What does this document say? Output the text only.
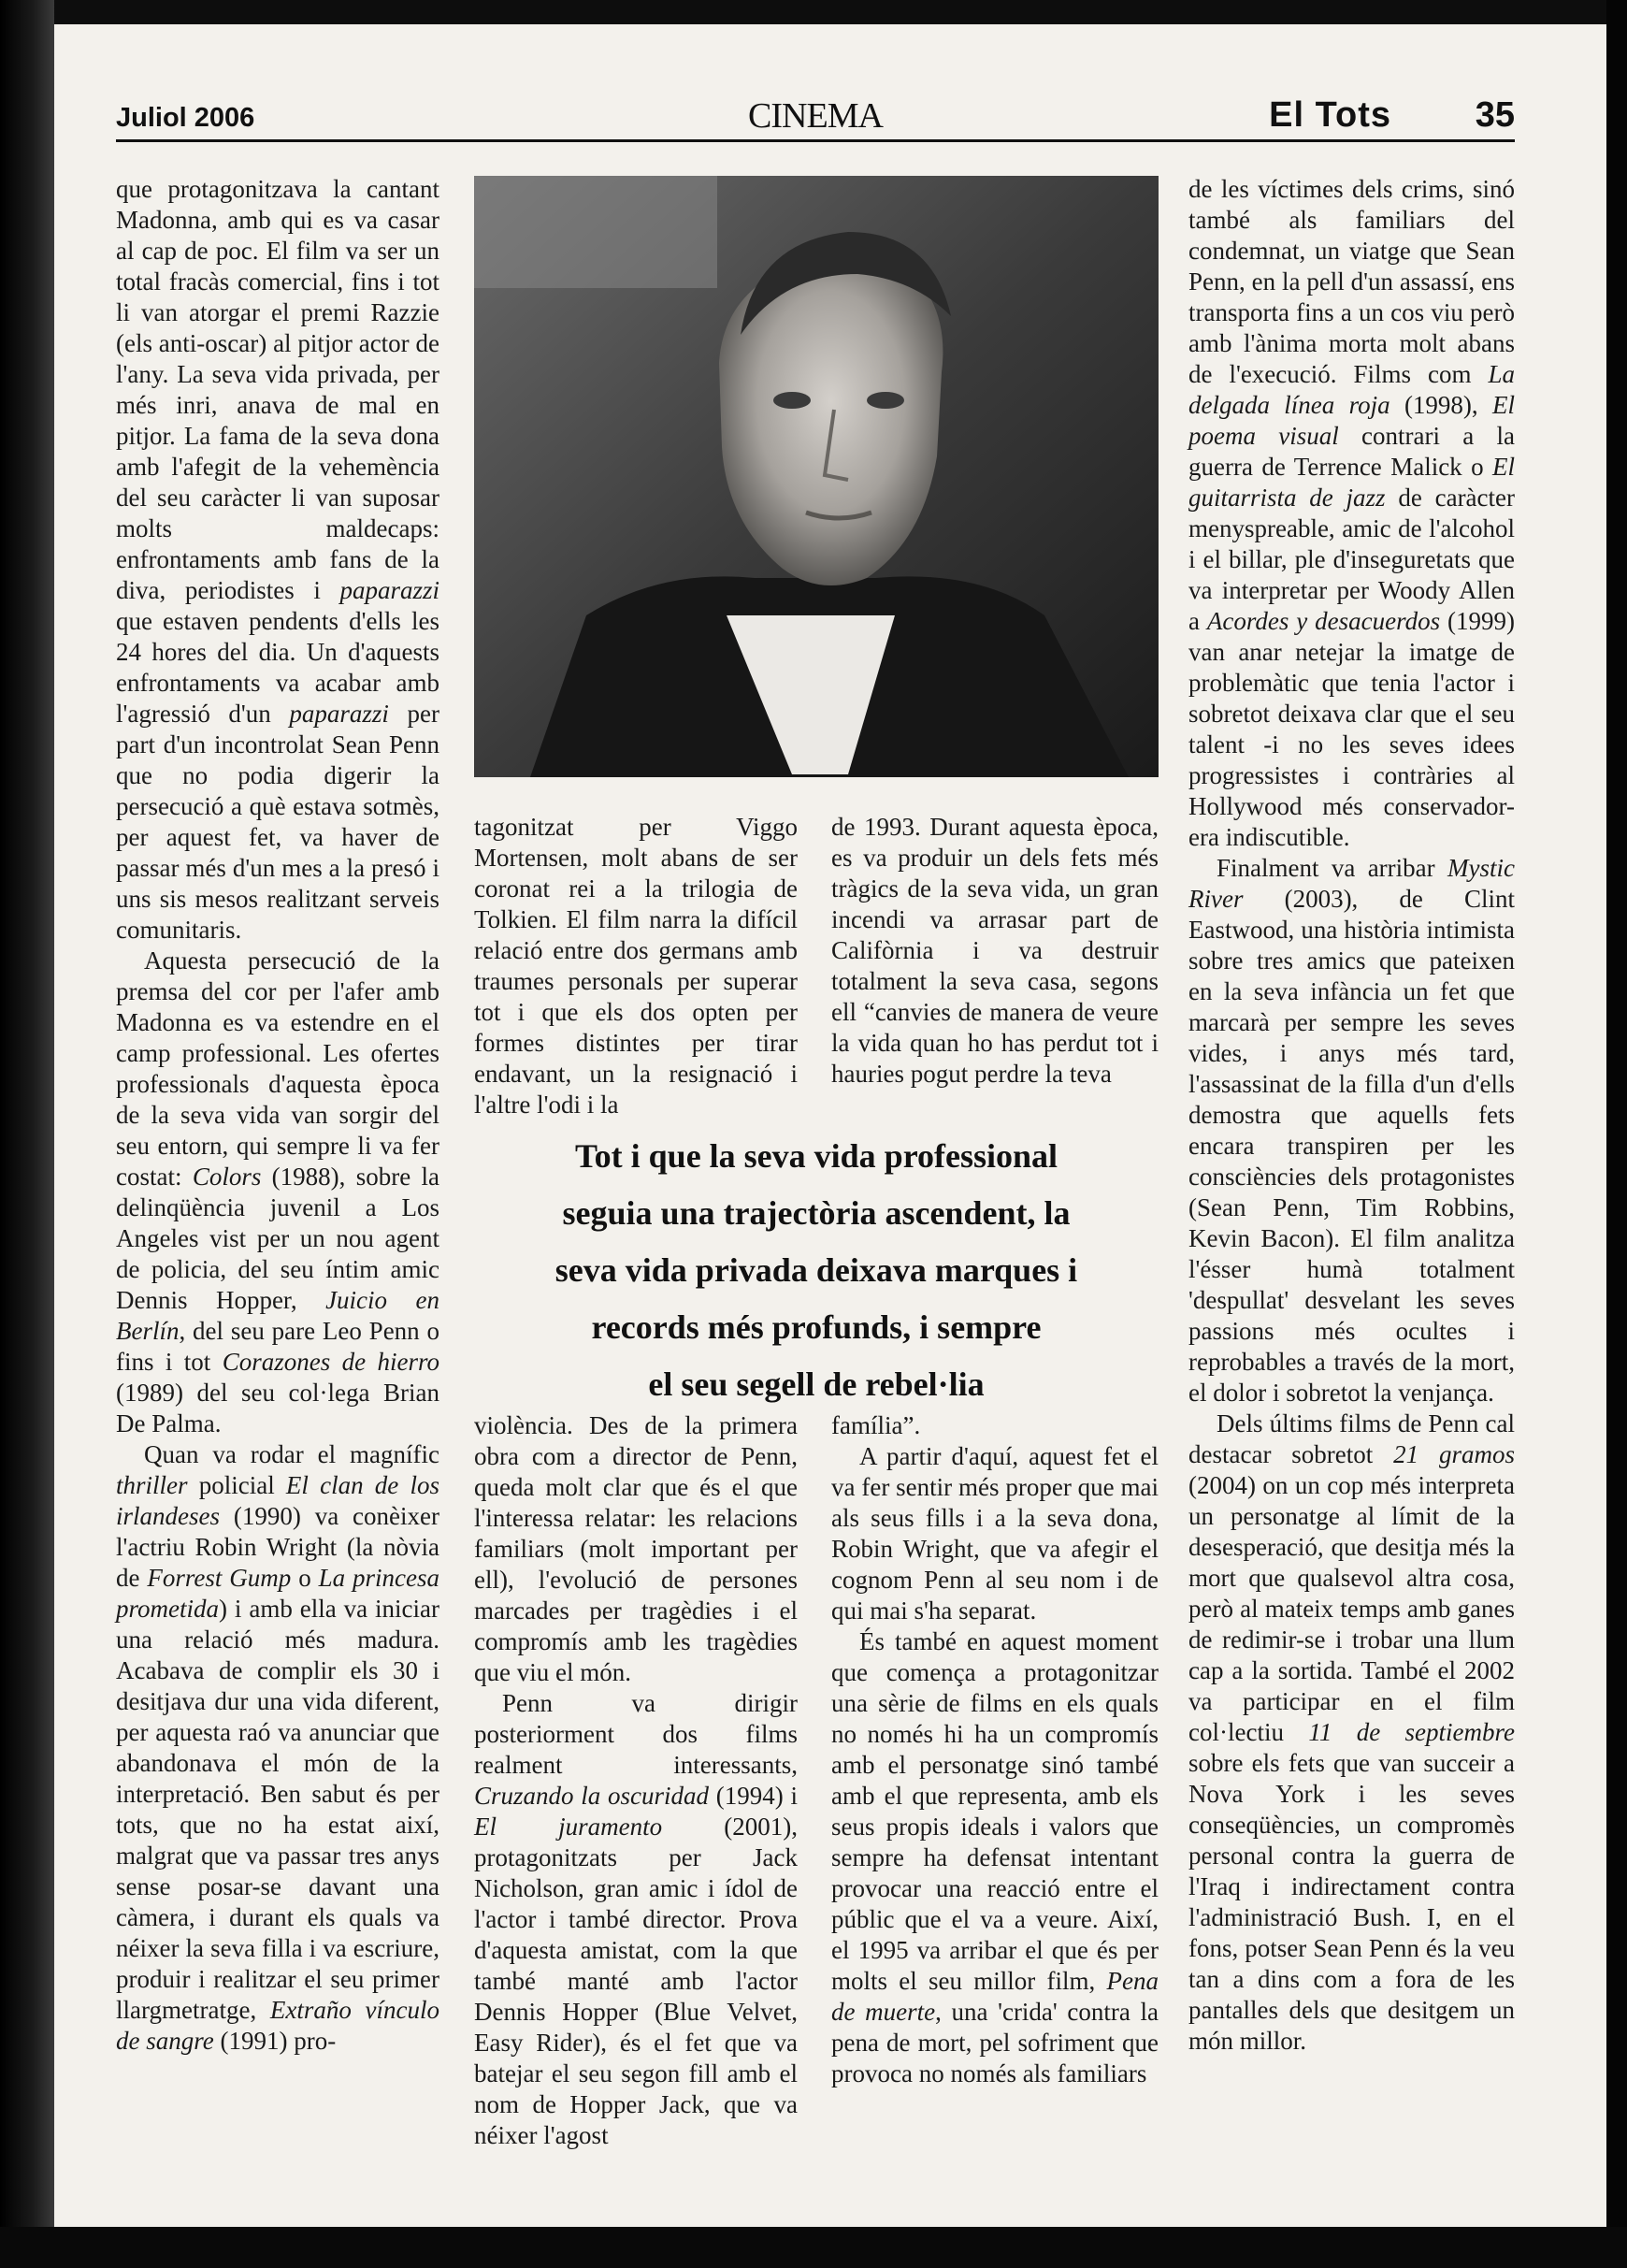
Juliol 2006	CINEMA	El Tots 35

que protagonitzava la cantant Madonna, amb qui es va casar al cap de poc. El film va ser un total fracàs comercial, fins i tot li van atorgar el premi Razzie (els anti-oscar) al pitjor actor de l'any. La seva vida privada, per més inri, anava de mal en pitjor. La fama de la seva dona amb l'afegit de la vehemència del seu caràcter li van suposar molts maldecaps: enfrontaments amb fans de la diva, periodistes i paparazzi que estaven pendents d'ells les 24 hores del dia. Un d'aquests enfrontaments va acabar amb l'agressió d'un paparazzi per part d'un incontrolat Sean Penn que no podia digerir la persecució a què estava sotmès, per aquest fet, va haver de passar més d'un mes a la presó i uns sis mesos realitzant serveis comunitaris.

Aquesta persecució de la premsa del cor per l'afer amb Madonna es va estendre en el camp professional. Les ofertes professionals d'aquesta època de la seva vida van sorgir del seu entorn, qui sempre li va fer costat: Colors (1988), sobre la delinqüència juvenil a Los Angeles vist per un nou agent de policia, del seu íntim amic Dennis Hopper, Juicio en Berlín, del seu pare Leo Penn o fins i tot Corazones de hierro (1989) del seu col·lega Brian De Palma.

Quan va rodar el magnífic thriller policial El clan de los irlandeses (1990) va conèixer l'actriu Robin Wright (la nòvia de Forrest Gump o La princesa prometida) i amb ella va iniciar una relació més madura. Acabava de complir els 30 i desitjava dur una vida diferent, per aquesta raó va anunciar que abandonava el món de la interpretació. Ben sabut és per tots, que no ha estat així, malgrat que va passar tres anys sense posar-se davant una càmera, i durant els quals va néixer la seva filla i va escriure, produir i realitzar el seu primer llargmetratge, Extraño vínculo de sangre (1991) pro-

tagonitzat per Viggo Mortensen, molt abans de ser coronat rei a la trilogia de Tolkien. El film narra la difícil relació entre dos germans amb traumes personals per superar tot i que els dos opten per formes distintes per tirar endavant, un la resignació i l'altre l'odi i la

de 1993. Durant aquesta època, es va produir un dels fets més tràgics de la seva vida, un gran incendi va arrasar part de Califòrnia i va destruir totalment la seva casa, segons ell “canvies de manera de veure la vida quan ho has perdut tot i hauries pogut perdre la teva

Tot i que la seva vida professional
seguia una trajectòria ascendent, la
seva vida privada deixava marques i
records més profunds, i sempre
el seu segell de rebel·lia

violència. Des de la primera obra com a director de Penn, queda molt clar que és el que l'interessa relatar: les relacions familiars (molt important per ell), l'evolució de persones marcades per tragèdies i el compromís amb les tragèdies que viu el món.

Penn va dirigir posteriorment dos films realment interessants, Cruzando la oscuridad (1994) i El juramento (2001), protagonitzats per Jack Nicholson, gran amic i ídol de l'actor i també director. Prova d'aquesta amistat, com la que també manté amb l'actor Dennis Hopper (Blue Velvet, Easy Rider), és el fet que va batejar el seu segon fill amb el nom de Hopper Jack, que va néixer l'agost

família”.

A partir d'aquí, aquest fet el va fer sentir més proper que mai als seus fills i a la seva dona, Robin Wright, que va afegir el cognom Penn al seu nom i de qui mai s'ha separat.

És també en aquest moment que comença a protagonitzar una sèrie de films en els quals no només hi ha un compromís amb el personatge sinó també amb el que representa, amb els seus propis ideals i valors que sempre ha defensat intentant provocar una reacció entre el públic que el va a veure. Així, el 1995 va arribar el que és per molts el seu millor film, Pena de muerte, una 'crida' contra la pena de mort, pel sofriment que provoca no només als familiars

de les víctimes dels crims, sinó també als familiars del condemnat, un viatge que Sean Penn, en la pell d'un assassí, ens transporta fins a un cos viu però amb l'ànima morta molt abans de l'execució. Films com La delgada línea roja (1998), El poema visual contrari a la guerra de Terrence Malick o El guitarrista de jazz de caràcter menyspreable, amic de l'alcohol i el billar, ple d'inseguretats que va interpretar per Woody Allen a Acordes y desacuerdos (1999) van anar netejar la imatge de problemàtic que tenia l'actor i sobretot deixava clar que el seu talent -i no les seves idees progressistes i contràries al Hollywood més conservador- era indiscutible.

Finalment va arribar Mystic River (2003), de Clint Eastwood, una història intimista sobre tres amics que pateixen en la seva infància un fet que marcarà per sempre les seves vides, i anys més tard, l'assassinat de la filla d'un d'ells demostra que aquells fets encara transpiren per les consciències dels protagonistes (Sean Penn, Tim Robbins, Kevin Bacon). El film analitza l'ésser humà totalment 'despullat' desvelant les seves passions més ocultes i reprobables a través de la mort, el dolor i sobretot la venjança.

Dels últims films de Penn cal destacar sobretot 21 gramos (2004) on un cop més interpreta un personatge al límit de la desesperació, que desitja més la mort que qualsevol altra cosa, però al mateix temps amb ganes de redimir-se i trobar una llum cap a la sortida. També el 2002 va participar en el film col·lectiu 11 de septiembre sobre els fets que van succeir a Nova York i les seves conseqüències, un compromès personal contra la guerra de l'Iraq i indirectament contra l'administració Bush. I, en el fons, potser Sean Penn és la veu tan a dins com a fora de les pantalles dels que desitgem un món millor.
